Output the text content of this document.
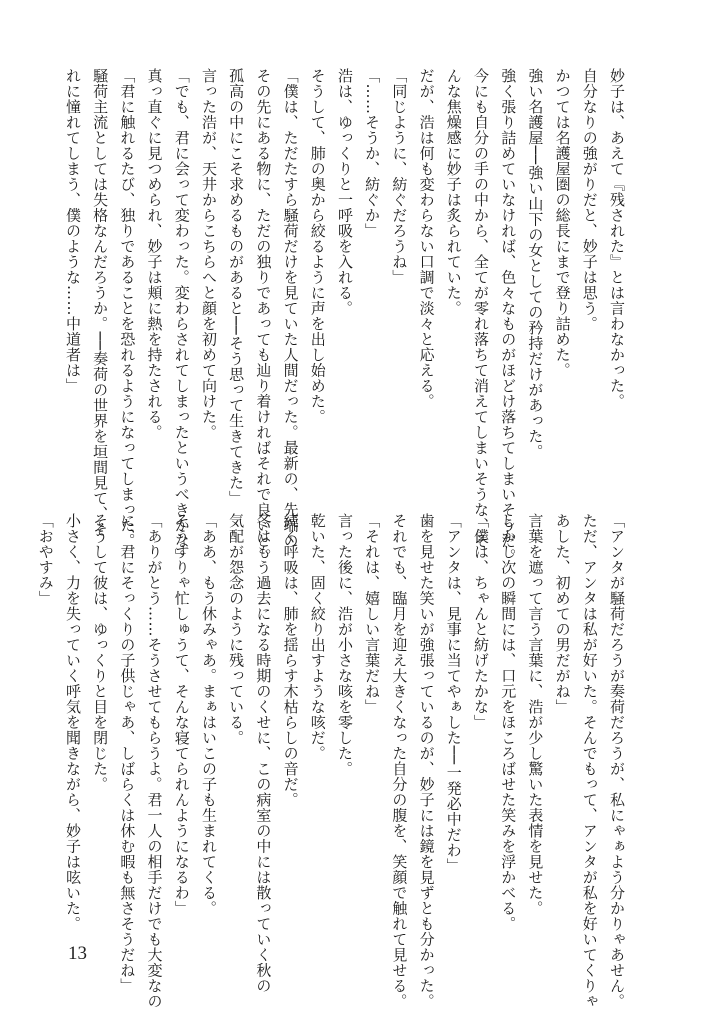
妙子は、あえて『残された』とは言わなかった。
自分なりの強がりだと、妙子は思う。
かつては名護屋圏の総長にまで登り詰めた。
強い名護屋──強い山下の女としての矜持だけがあった。
強く張り詰めていなければ、色々なものがほどけ落ちてしまいそうだ。
今にも自分の手の中から、全てが零れ落ちて消えてしまいそうな、そ
んな焦燥感に妙子は炙られていた。
だが、浩は何も変わらない口調で淡々と応える。
「同じように、紡ぐだろうね」
「……そうか、紡ぐか」
浩は、ゆっくりと一呼吸を入れる。
そうして、肺の奥から絞るように声を出し始めた。
「僕は、ただたすら騒荷だけを見ていた人間だった。最新の、先端の
その先にある物に、ただの独りであっても辿り着ければそれで良いと。
孤高の中にこそ求めるものがあると──そう思って生きてきた」
言った浩が、天井からこちらへと顔を初めて向けた。
「でも、君に会って変わった。変わらされてしまったというべきかな」
真っ直ぐに見つめられ、妙子は頬に熱を持たされる。
「君に触れるたび、独りであることを恐れるようになってしまった。
騒荷主流としては失格なんだろうか。──奏荷の世界を垣間見て、そ
れに憧れてしまう、僕のような……中道者は」
「アンタが騒荷だろうが奏荷だろうが、私にゃぁよう分かりゃあせん。
ただ、アンタは私が好いた。そんでもって、アンタが私を好いてくりゃ
あした、初めての男だがね」
言葉を遮って言う言葉に、浩が少し驚いた表情を見せた。
しかし次の瞬間には、口元をほころばせた笑みを浮かべる。
「僕は、ちゃんと紡げたかな」
「アンタは、見事に当てやぁした──一発必中だわ」
歯を見せた笑いが強張っているのが、妙子には鏡を見ずとも分かった。
それでも、臨月を迎え大きくなった自分の腹を、笑顔で触れて見せる。
「それは、嬉しい言葉だね」
言った後に、浩が小さな咳を零した。
乾いた、固く絞り出すような咳だ。
続く呼吸は、肺を揺らす木枯らしの音だ。
冬はもう過去になる時期のくせに、この病室の中には散っていく秋の
気配が怨念のように残っている。
「ああ、もう休みゃあ。まぁはいこの子も生まれてくる。
そうすりゃ忙しゅうて、そんな寝てられんようになるわ」
「ありがとう……そうさせてもらうよ。君一人の相手だけでも大変なの
に、君にそっくりの子供じゃあ、しばらくは休む暇も無さそうだね」
そうして彼は、ゆっくりと目を閉じた。
小さく、力を失っていく呼気を聞きながら、妙子は呟いた。
「おやすみ」
13
